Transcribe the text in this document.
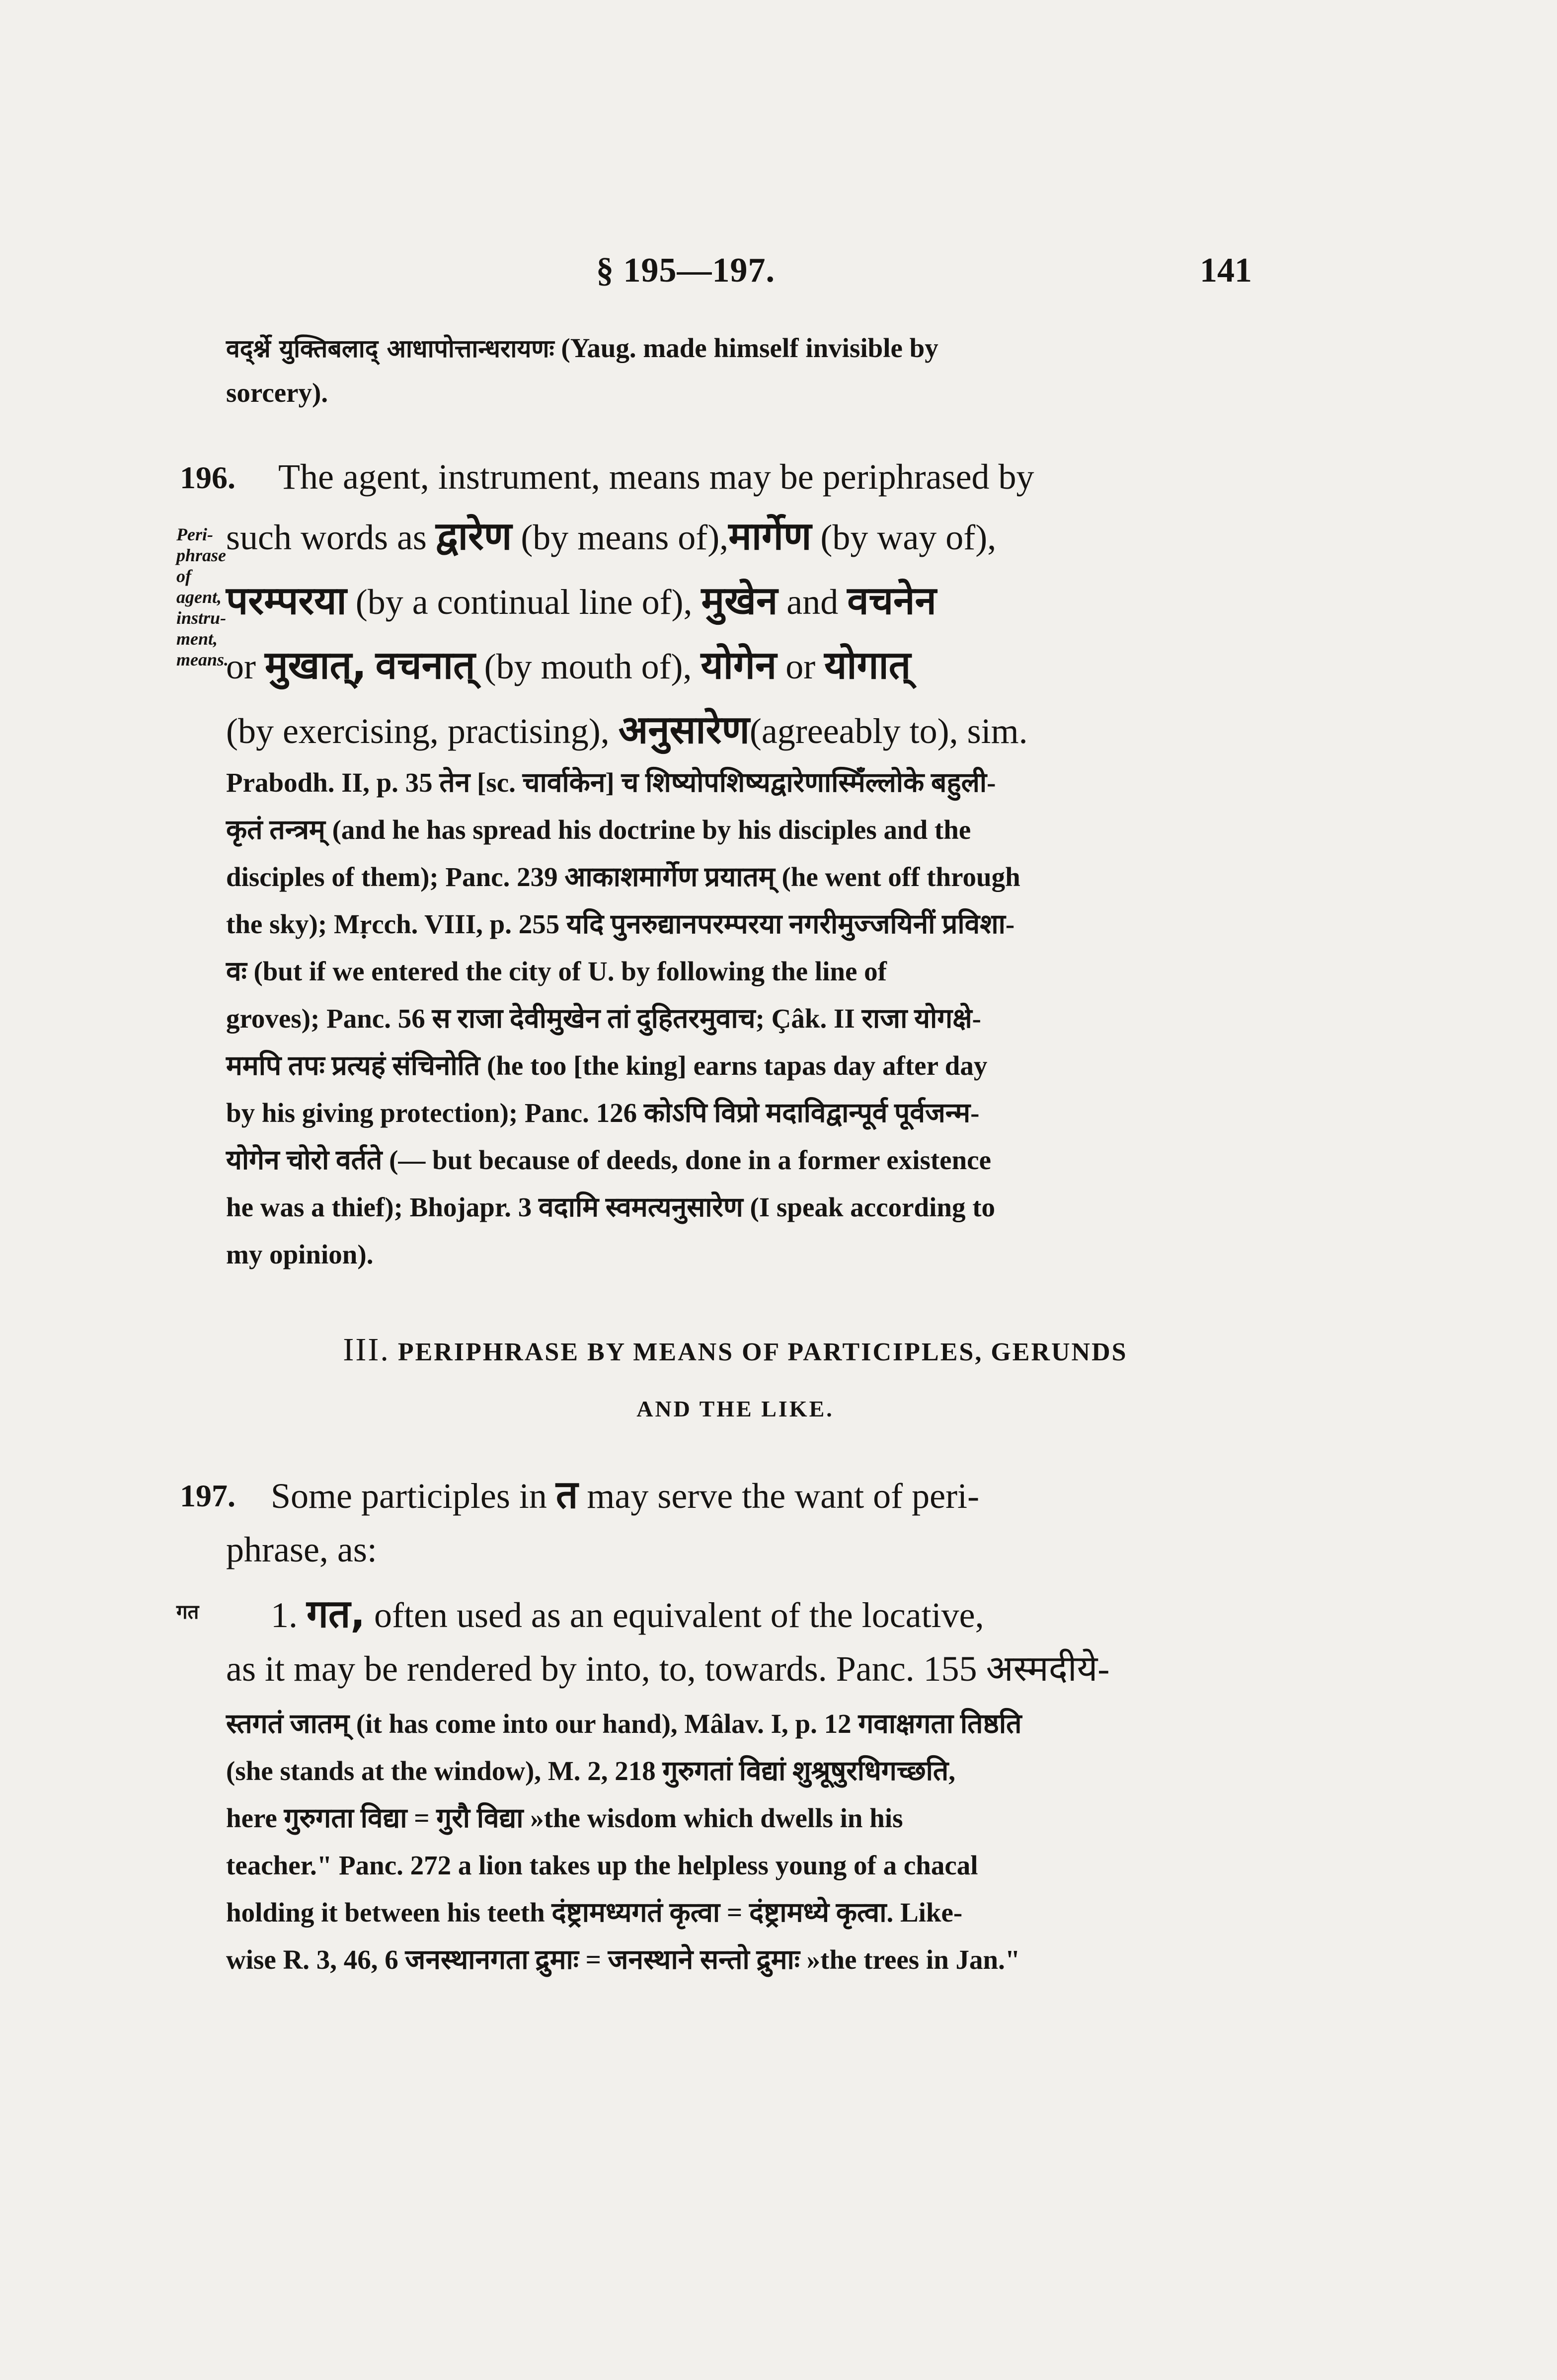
§ 195—197.	141
वद्‌र्श्ने युक्तिबलाद्‌ आधापोत्तान्धरायणः (Yaug. made himself invisible by
sorcery).
196.
Peri- phrase of agent, instru- ment, means.
The agent, instrument, means may be periphrased by
such words as द्वारेण (by means of),मार्गेण (by way of),
परम्परया (by a continual line of), मुखेन and वचनेन
or मुखात्‌, वचनात्‌ (by mouth of), योगेन or योगात्‌
(by exercising, practising), अनुसारेण(agreeably to), sim.
Prabodh. II, p. 35 तेन [sc. चार्वाकेन] च शिष्योपशिष्यद्वारेणास्मिँल्लोके बहुली-
कृतं तन्त्रम्‌ (and he has spread his doctrine by his disciples and the
disciples of them); Panc. 239 आकाशमार्गेण प्रयातम्‌ (he went off through
the sky); Mṛcch. VIII, p. 255 यदि पुनरुद्यानपरम्परया नगरीमुज्जयिनीं प्रविशा-
वः (but if we entered the city of U. by following the line of
groves); Panc. 56 स राजा देवीमुखेन तां दुहितरमुवाच; Çâk. II राजा योगक्षे-
ममपि तपः प्रत्यहं संचिनोति (he too [the king] earns tapas day after day
by his giving protection); Panc. 126 कोऽपि विप्रो मदाविद्वान्पूर्व पूर्वजन्म-
योगेन चोरो वर्तते (— but because of deeds, done in a former existence
he was a thief); Bhojapr. 3 वदामि स्वमत्यनुसारेण (I speak according to
my opinion).
III. PERIPHRASE BY MEANS OF PARTICIPLES, GERUNDS
AND THE LIKE.
197. Some participles in त may serve the want of peri-
phrase, as:
गत	1. गत, often used as an equivalent of the locative,
as it may be rendered by into, to, towards. Panc. 155 अस्मदीये-
स्तगतं जातम्‌ (it has come into our hand), Mâlav. I, p. 12 गवाक्षगता तिष्ठति
(she stands at the window), M. 2, 218 गुरुगतां विद्यां शुश्रूषुरधिगच्छति,
here गुरुगता विद्या = गुरौ विद्या »the wisdom which dwells in his
teacher." Panc. 272 a lion takes up the helpless young of a chacal
holding it between his teeth दंष्ट्रामध्यगतं कृत्वा = दंष्ट्रामध्ये कृत्वा. Like-
wise R. 3, 46, 6 जनस्थानगता द्रुमाः = जनस्थाने सन्तो द्रुमाः »the trees in Jan."
